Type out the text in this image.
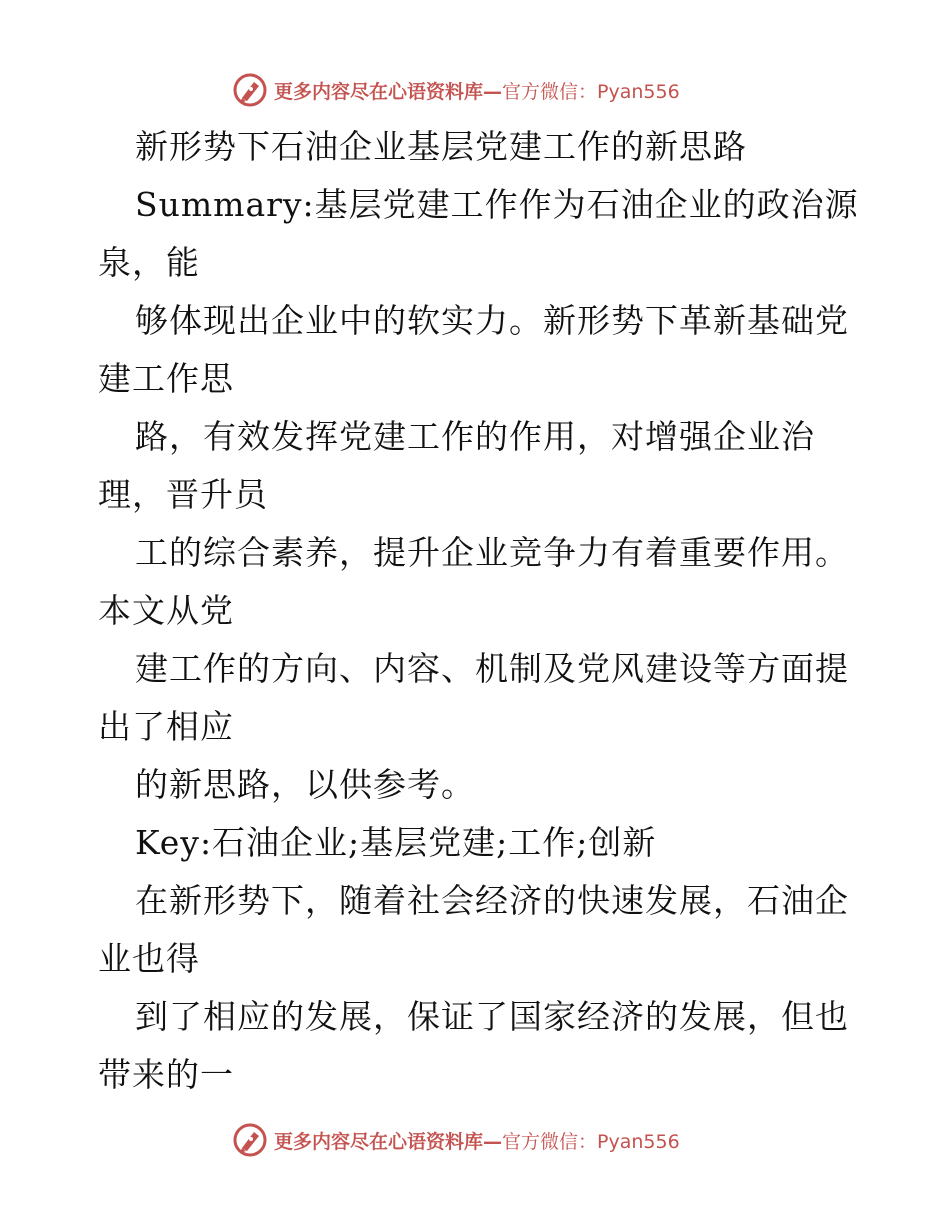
更多内容尽在心语资料库— 官方微信：Pyan556
新形势下石油企业基层党建工作的新思路
Summary:基层党建工作作为石油企业的政治源
泉，能
够体现出企业中的软实力。新形势下革新基础党
建工作思
路，有效发挥党建工作的作用，对增强企业治
理，晋升员
工的综合素养，提升企业竞争力有着重要作用。
本文从党
建工作的方向、内容、机制及党风建设等方面提
出了相应
的新思路，以供参考。
Key:石油企业;基层党建;工作;创新
在新形势下，随着社会经济的快速发展，石油企
业也得
到了相应的发展，保证了国家经济的发展，但也
带来的一
更多内容尽在心语资料库— 官方微信：Pyan556
